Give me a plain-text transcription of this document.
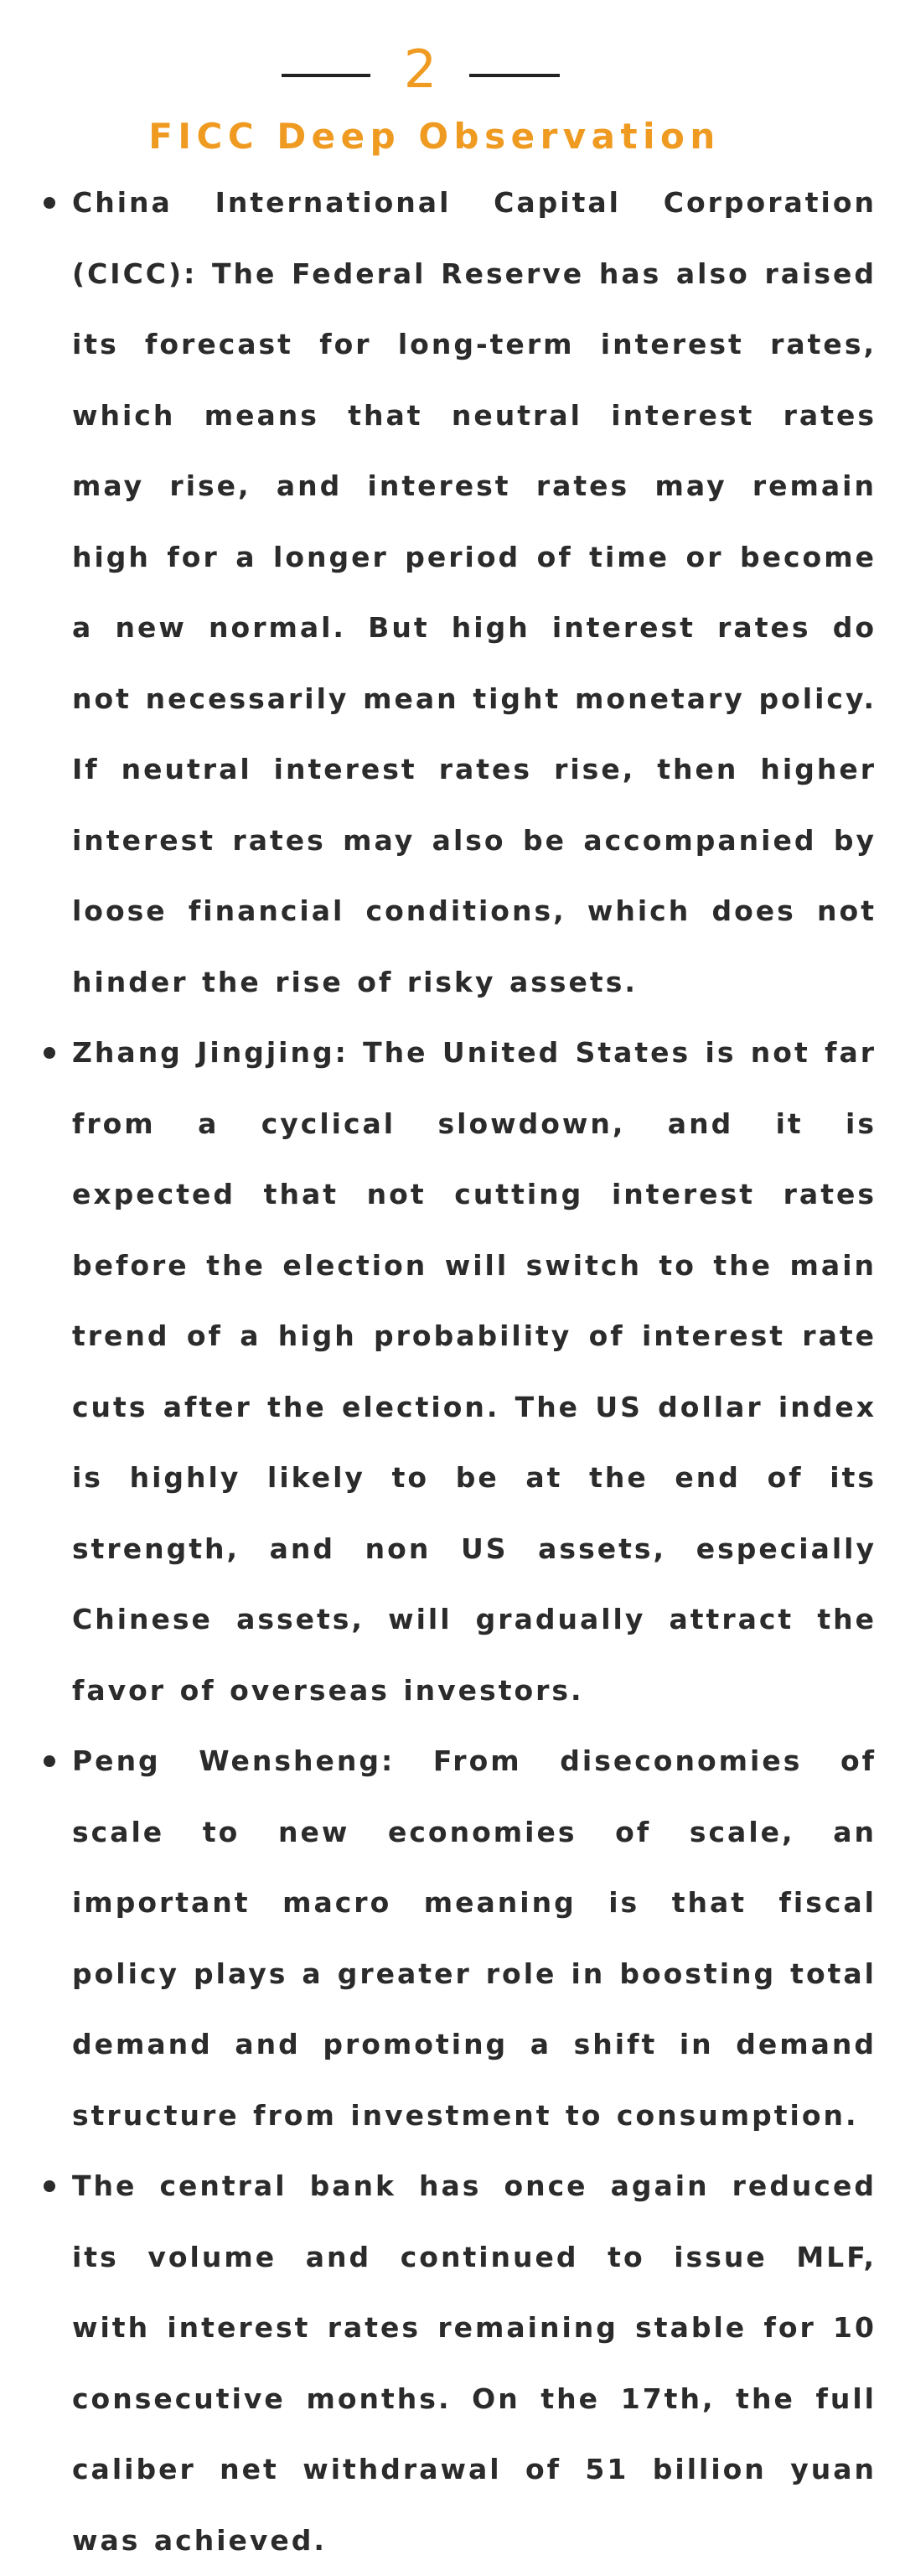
2
FICC Deep Observation
China International Capital Corporation (CICC): The Federal Reserve has also raised its forecast for long-term interest rates, which means that neutral interest rates may rise, and interest rates may remain high for a longer period of time or become a new normal. But high interest rates do not necessarily mean tight monetary policy. If neutral interest rates rise, then higher interest rates may also be accompanied by loose financial conditions, which does not hinder the rise of risky assets.
Zhang Jingjing: The United States is not far from a cyclical slowdown, and it is expected that not cutting interest rates before the election will switch to the main trend of a high probability of interest rate cuts after the election. The US dollar index is highly likely to be at the end of its strength, and non US assets, especially Chinese assets, will gradually attract the favor of overseas investors.
Peng Wensheng: From diseconomies of scale to new economies of scale, an important macro meaning is that fiscal policy plays a greater role in boosting total demand and promoting a shift in demand structure from investment to consumption.
The central bank has once again reduced its volume and continued to issue MLF, with interest rates remaining stable for 10 consecutive months. On the 17th, the full caliber net withdrawal of 51 billion yuan was achieved.
